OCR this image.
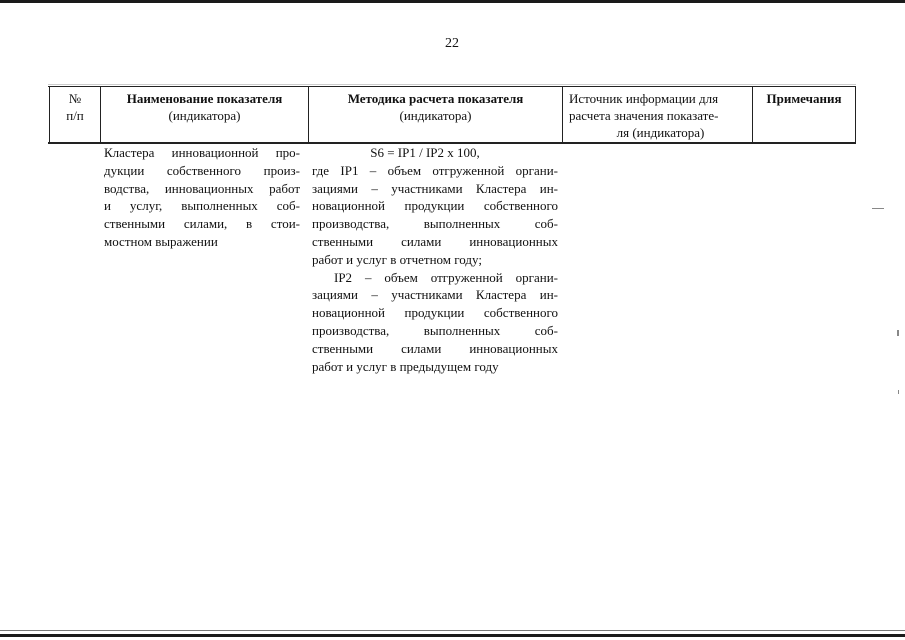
22
№
п/п
Наименование показателя
(индикатора)
Методика расчета показателя
(индикатора)
Источник информации для
расчета значения показате-
ля (индикатора)
Примечания
Кластера инновационной про-
дукции собственного произ-
водства, инновационных работ
и услуг, выполненных соб-
ственными силами, в стои-
мостном выражении
S6 = IP1 / IP2 x 100,
где IP1 – объем отгруженной органи-
зациями – участниками Кластера ин-
новационной продукции собственного
производства, выполненных соб-
ственными силами инновационных
работ и услуг в отчетном году;
IP2 – объем отгруженной органи-
зациями – участниками Кластера ин-
новационной продукции собственного
производства, выполненных соб-
ственными силами инновационных
работ и услуг в предыдущем году
